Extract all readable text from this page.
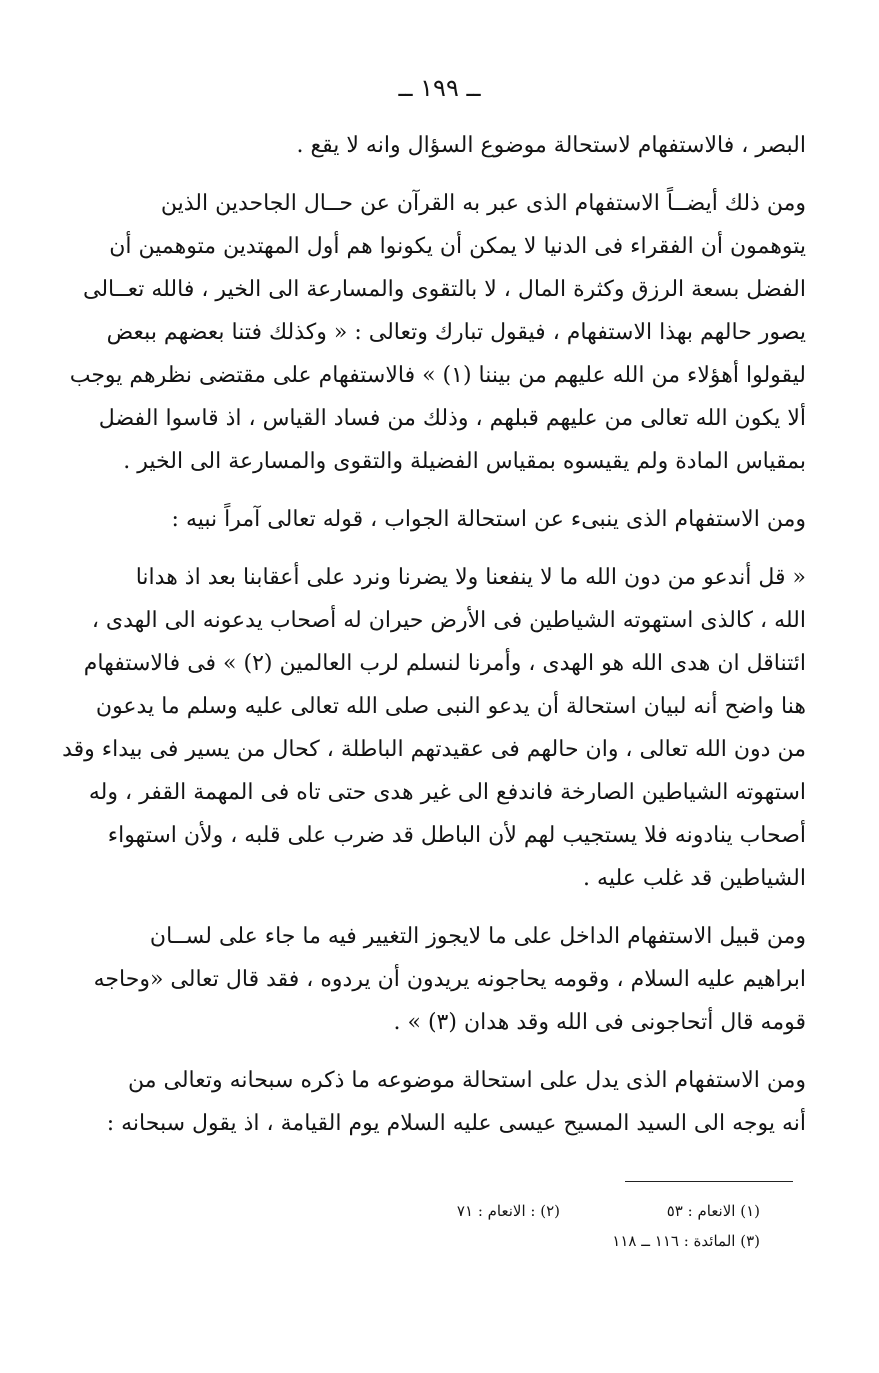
ــ ١٩٩ ــ
البصر ، فالاستفهام لاستحالة موضوع السؤال وانه لا يقع .
ومن ذلك أيضــاً الاستفهام الذى عبر به القرآن عن حــال الجاحدين الذين
يتوهمون أن الفقراء فى الدنيا لا يمكن أن يكونوا هم أول المهتدين متوهمين أن
الفضل بسعة الرزق وكثرة المال ، لا بالتقوى والمسارعة الى الخير ، فالله تعــالى
يصور حالهم بهذا الاستفهام ، فيقول تبارك وتعالى : « وكذلك فتنا بعضهم ببعض
ليقولوا أهؤلاء من الله عليهم من بيننا (١) » فالاستفهام على مقتضى نظرهم يوجب
ألا يكون الله تعالى من عليهم قبلهم ، وذلك من فساد القياس ، اذ قاسوا الفضل
بمقياس المادة ولم يقيسوه بمقياس الفضيلة والتقوى والمسارعة الى الخير .
ومن الاستفهام الذى ينبىء عن استحالة الجواب ، قوله تعالى آمراً نبيه :
« قل أندعو من دون الله ما لا ينفعنا ولا يضرنا ونرد على أعقابنا بعد اذ هدانا
الله ، كالذى استهوته الشياطين فى الأرض حيران له أصحاب يدعونه الى الهدى ،
ائتناقل ان هدى الله هو الهدى ، وأمرنا لنسلم لرب العالمين (٢) » فى فالاستفهام
هنا واضح أنه لبيان استحالة أن يدعو النبى صلى الله تعالى عليه وسلم ما يدعون
من دون الله تعالى ، وان حالهم فى عقيدتهم الباطلة ، كحال من يسير فى بيداء وقد
استهوته الشياطين الصارخة فاندفع الى غير هدى حتى تاه فى المهمة القفر ، وله
أصحاب ينادونه فلا يستجيب لهم لأن الباطل قد ضرب على قلبه ، ولأن استهواء
الشياطين قد غلب عليه .
ومن قبيل الاستفهام الداخل على ما لايجوز التغيير فيه ما جاء على لســان
ابراهيم عليه السلام ، وقومه يحاجونه يريدون أن يردوه ، فقد قال تعالى «وحاجه
قومه قال أتحاجونى فى الله وقد هدان (٣) » .
ومن الاستفهام الذى يدل على استحالة موضوعه ما ذكره سبحانه وتعالى من
أنه يوجه الى السيد المسيح عيسى عليه السلام يوم القيامة ، اذ يقول سبحانه :
(١) الانعام : ٥٣
(٢) : الانعام : ٧١
(٣) المائدة : ١١٦ ــ ١١٨
